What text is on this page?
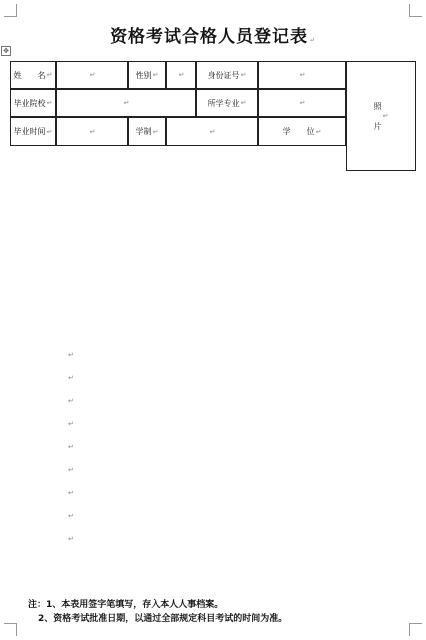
✥
资格考试合格人员登记表↵
姓　　名 ↵	↵	性别 ↵	↵	身份证号 ↵	↵
照

片
↵
毕业院校 ↵	↵	所学专业 ↵	↵
毕业时间 ↵	↵	学制 ↵	↵	学　　位 ↵
↵
↵
↵
↵
↵
↵
↵
↵
↵
注：1、本表用签字笔填写，存入本人人事档案。
2、资格考试批准日期，以通过全部规定科目考试的时间为准。
